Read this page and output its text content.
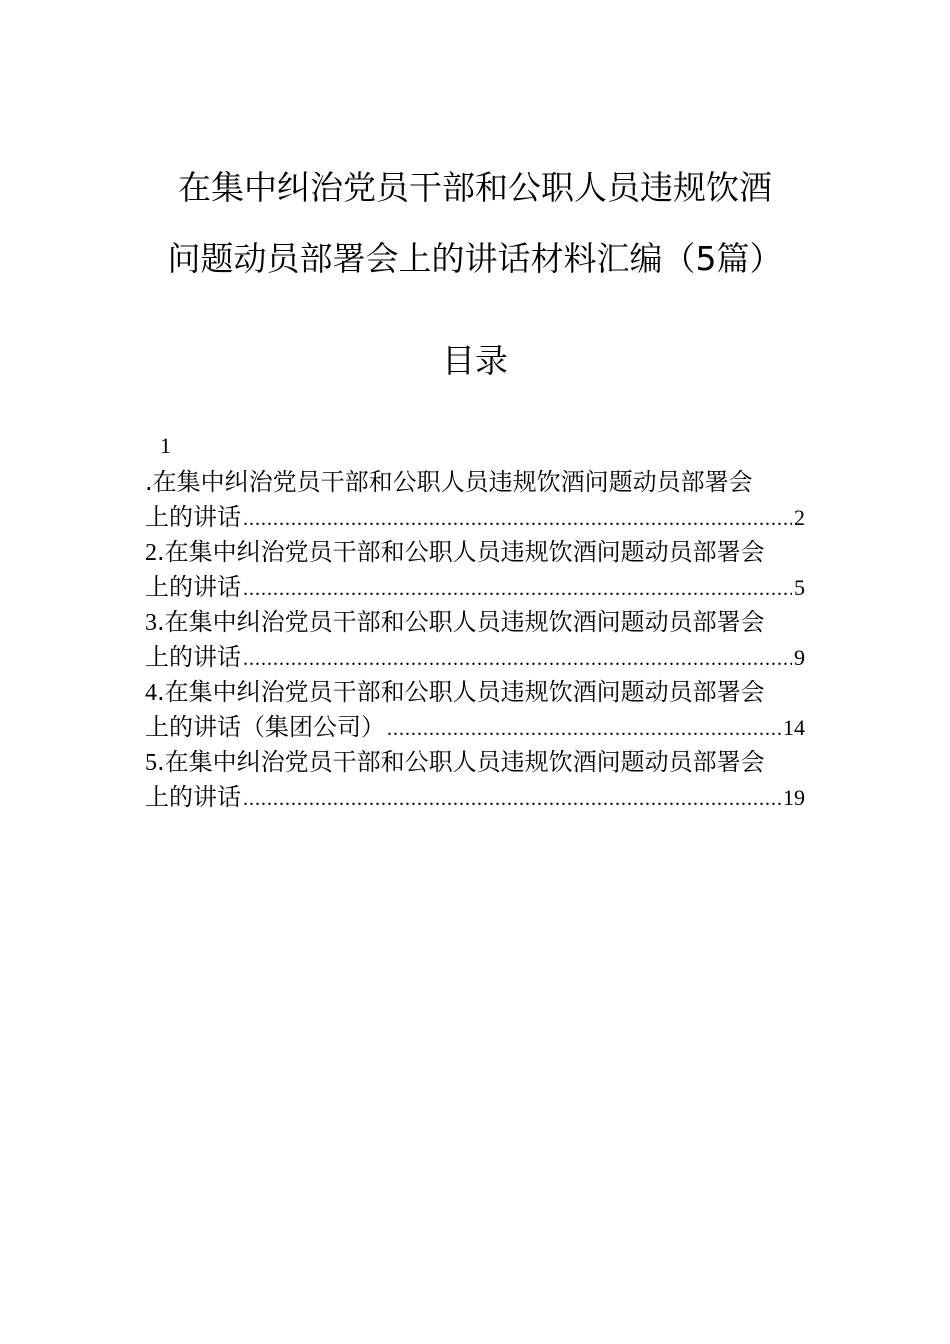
在集中纠治党员干部和公职人员违规饮酒
问题动员部署会上的讲话材料汇编（5篇）
目录
1
.在集中纠治党员干部和公职人员违规饮酒问题动员部署会
上的讲话 .....	2
2.在集中纠治党员干部和公职人员违规饮酒问题动员部署会
上的讲话 .....	5
3.在集中纠治党员干部和公职人员违规饮酒问题动员部署会
上的讲话 .....	9
4.在集中纠治党员干部和公职人员违规饮酒问题动员部署会
上的讲话（集团公司） .....	14
5.在集中纠治党员干部和公职人员违规饮酒问题动员部署会
上的讲话 .....	19
